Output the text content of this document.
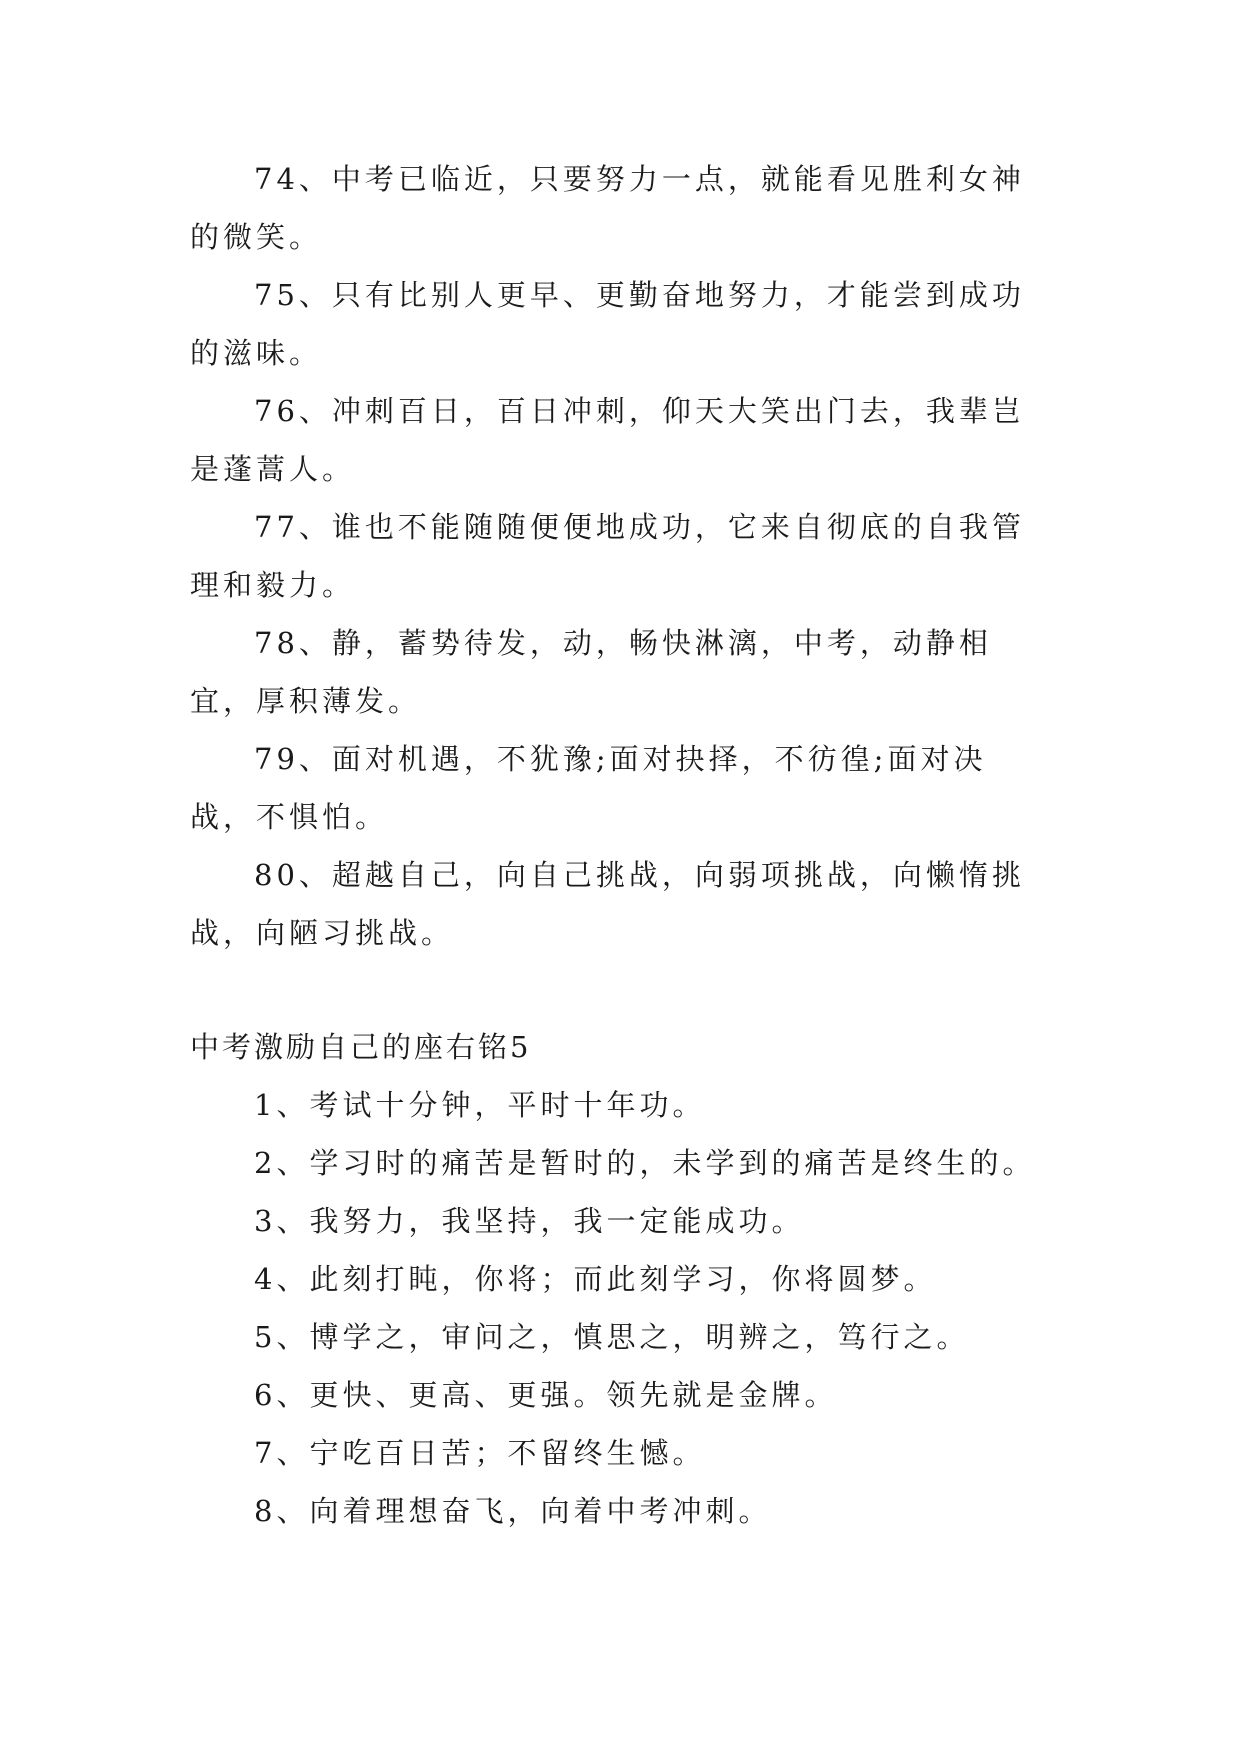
74、中考已临近，只要努力一点，就能看见胜利女神的微笑。

75、只有比别人更早、更勤奋地努力，才能尝到成功的滋味。

76、冲刺百日，百日冲刺，仰天大笑出门去，我辈岂是蓬蒿人。

77、谁也不能随随便便地成功，它来自彻底的自我管理和毅力。

78、静，蓄势待发，动，畅快淋漓，中考，动静相宜，厚积薄发。

79、面对机遇，不犹豫;面对抉择，不彷徨;面对决战，不惧怕。

80、超越自己，向自己挑战，向弱项挑战，向懒惰挑战，向陋习挑战。

中考激励自己的座右铭5

1、考试十分钟，平时十年功。

2、学习时的痛苦是暂时的，未学到的痛苦是终生的。

3、我努力，我坚持，我一定能成功。

4、此刻打盹，你将；而此刻学习，你将圆梦。

5、博学之，审问之，慎思之，明辨之，笃行之。

6、更快、更高、更强。领先就是金牌。

7、宁吃百日苦；不留终生憾。

8、向着理想奋飞，向着中考冲刺。
